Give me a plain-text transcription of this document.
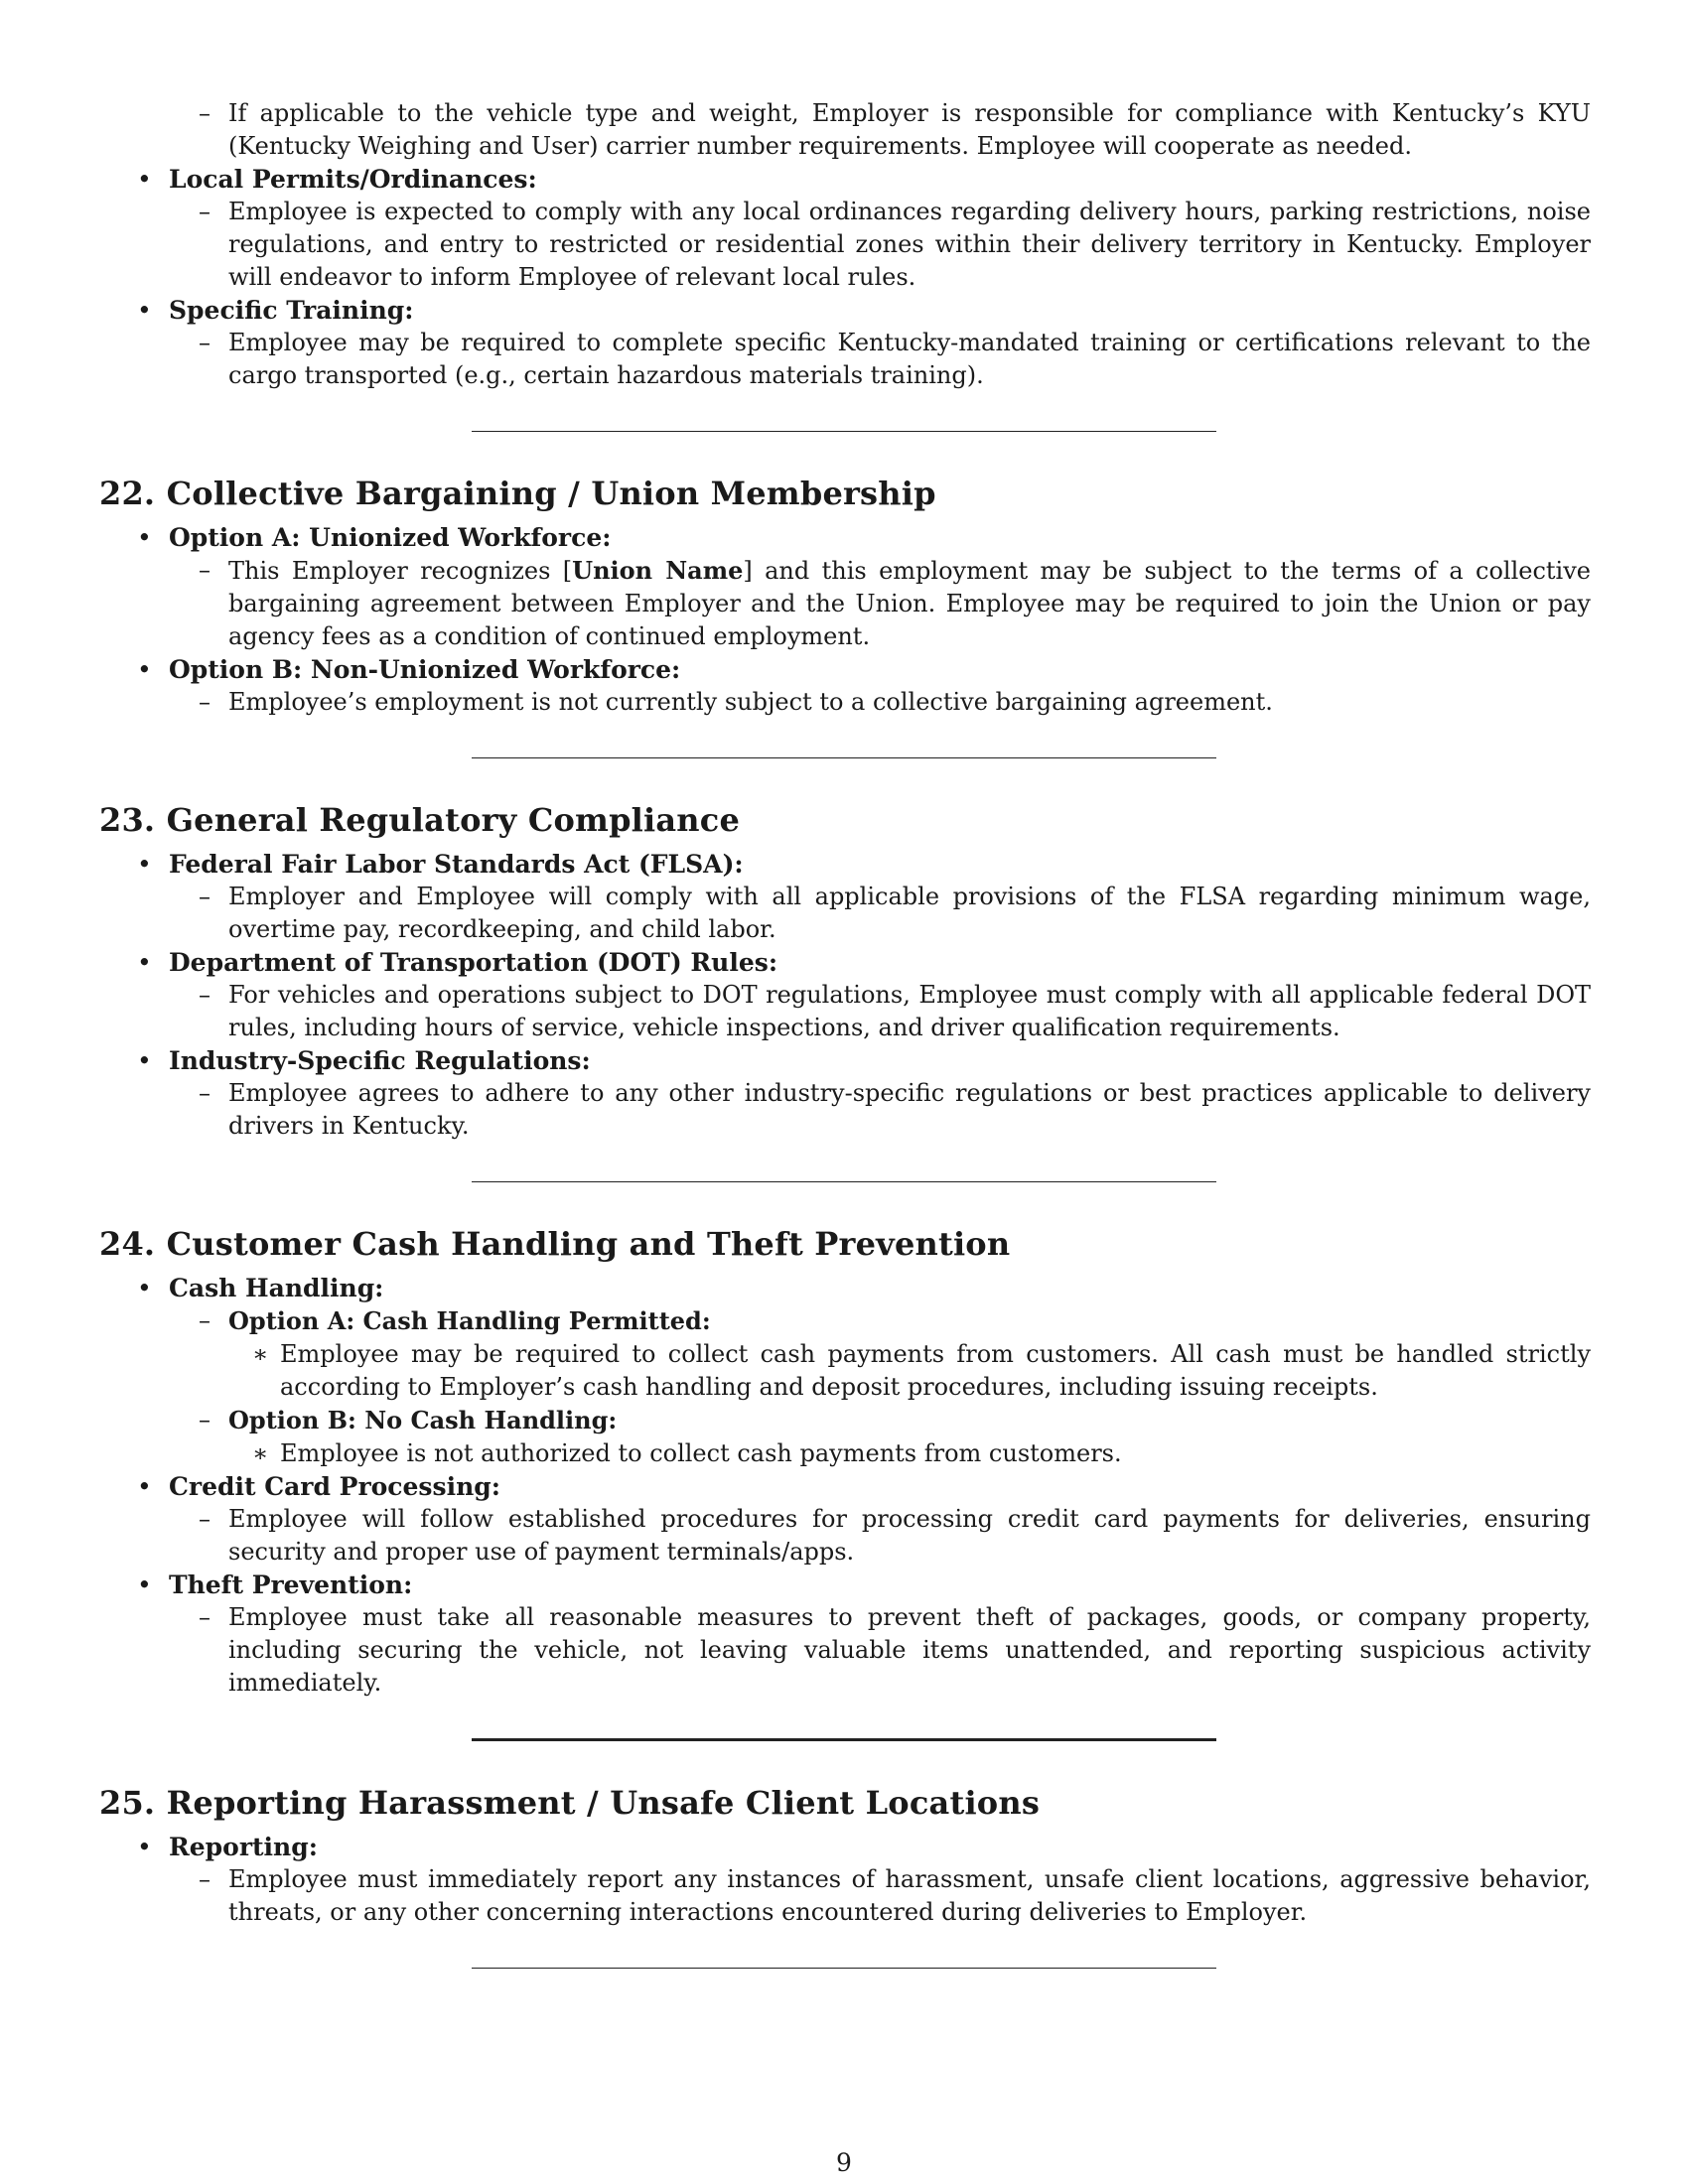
– If applicable to the vehicle type and weight, Employer is responsible for compliance with Kentucky’s KYU (Kentucky Weighing and User) carrier number requirements. Employee will cooperate as needed.
• Local Permits/Ordinances:
– Employee is expected to comply with any local ordinances regarding delivery hours, parking restrictions, noise regulations, and entry to restricted or residential zones within their delivery territory in Kentucky. Employer will endeavor to inform Employee of relevant local rules.
• Specific Training:
– Employee may be required to complete specific Kentucky-mandated training or certifications relevant to the cargo transported (e.g., certain hazardous materials training).
22. Collective Bargaining / Union Membership
• Option A: Unionized Workforce:
– This Employer recognizes [Union Name] and this employment may be subject to the terms of a collective bargaining agreement between Employer and the Union. Employee may be required to join the Union or pay agency fees as a condition of continued employment.
• Option B: Non-Unionized Workforce:
– Employee’s employment is not currently subject to a collective bargaining agreement.
23. General Regulatory Compliance
• Federal Fair Labor Standards Act (FLSA):
– Employer and Employee will comply with all applicable provisions of the FLSA regarding minimum wage, overtime pay, recordkeeping, and child labor.
• Department of Transportation (DOT) Rules:
– For vehicles and operations subject to DOT regulations, Employee must comply with all applicable federal DOT rules, including hours of service, vehicle inspections, and driver qualification requirements.
• Industry-Specific Regulations:
– Employee agrees to adhere to any other industry-specific regulations or best practices applicable to delivery drivers in Kentucky.
24. Customer Cash Handling and Theft Prevention
• Cash Handling:
– Option A: Cash Handling Permitted:
∗ Employee may be required to collect cash payments from customers. All cash must be handled strictly according to Employer’s cash handling and deposit procedures, including issuing receipts.
– Option B: No Cash Handling:
∗ Employee is not authorized to collect cash payments from customers.
• Credit Card Processing:
– Employee will follow established procedures for processing credit card payments for deliveries, ensuring security and proper use of payment terminals/apps.
• Theft Prevention:
– Employee must take all reasonable measures to prevent theft of packages, goods, or company property, including securing the vehicle, not leaving valuable items unattended, and reporting suspicious activity immediately.
25. Reporting Harassment / Unsafe Client Locations
• Reporting:
– Employee must immediately report any instances of harassment, unsafe client locations, aggressive behavior, threats, or any other concerning interactions encountered during deliveries to Employer.
9
